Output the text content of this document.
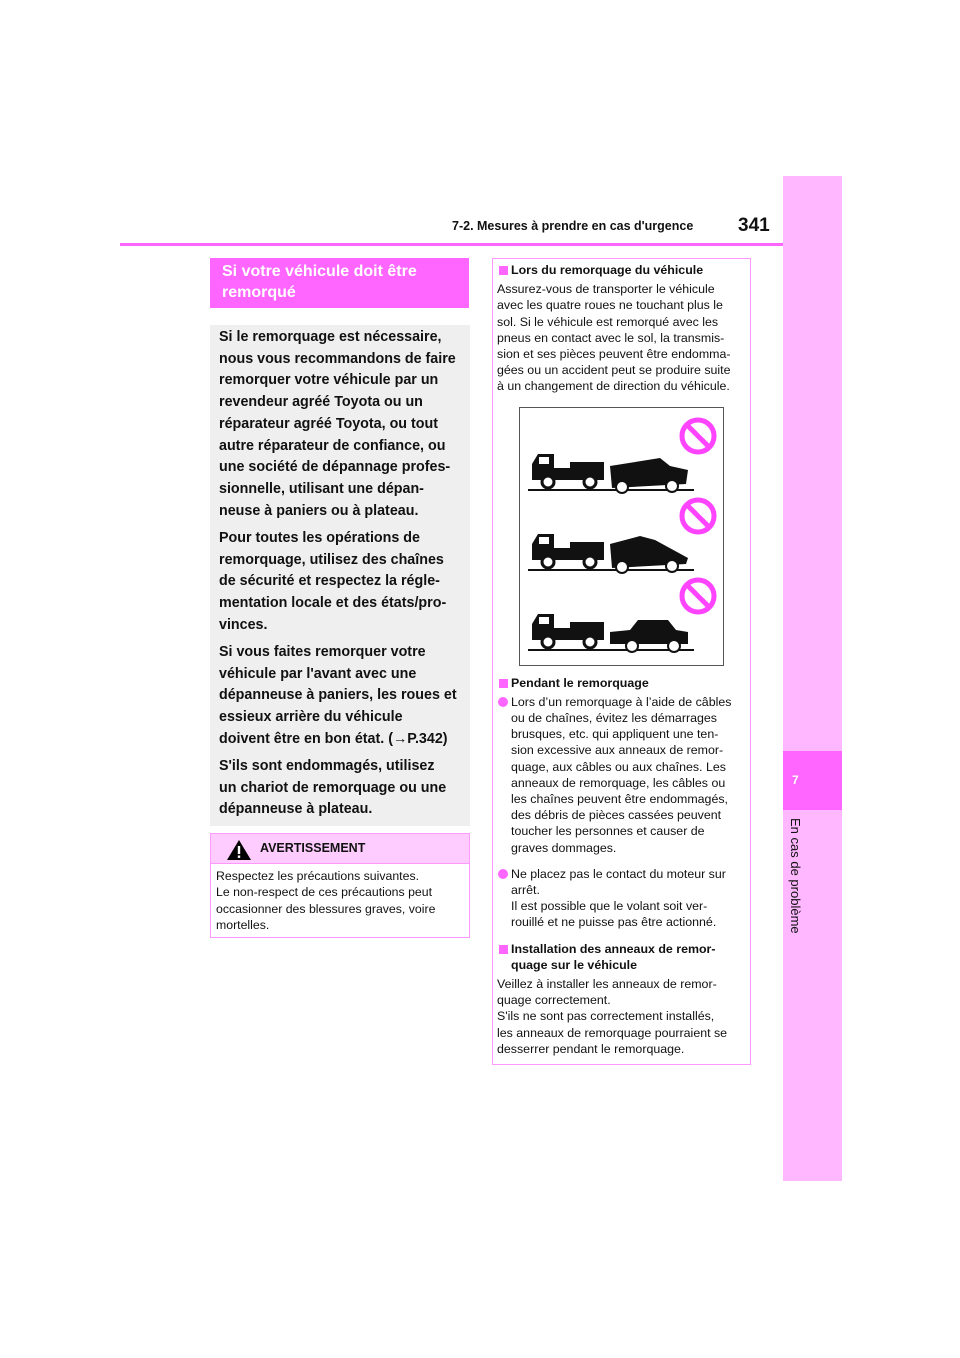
7-2. Mesures à prendre en cas d'urgence 341
7
En cas de problème
Si votre véhicule doit être
remorqué

Si le remorquage est nécessaire,
nous vous recommandons de faire
remorquer votre véhicule par un
revendeur agréé Toyota ou un
réparateur agréé Toyota, ou tout
autre réparateur de confiance, ou
une société de dépannage profes-
sionnelle, utilisant une dépan-
neuse à paniers ou à plateau.

Pour toutes les opérations de
remorquage, utilisez des chaînes
de sécurité et respectez la régle-
mentation locale et des états/pro-
vinces.

Si vous faites remorquer votre
véhicule par l'avant avec une
dépanneuse à paniers, les roues et
essieux arrière du véhicule
doivent être en bon état. (→P.342)

S'ils sont endommagés, utilisez
un chariot de remorquage ou une
dépanneuse à plateau.

AVERTISSEMENT
Respectez les précautions suivantes.
Le non-respect de ces précautions peut
occasionner des blessures graves, voire
mortelles.
Lors du remorquage du véhicule
Assurez-vous de transporter le véhicule
avec les quatre roues ne touchant plus le
sol. Si le véhicule est remorqué avec les
pneus en contact avec le sol, la transmis-
sion et ses pièces peuvent être endomma-
gées ou un accident peut se produire suite
à un changement de direction du véhicule.
Pendant le remorquage
Lors d’un remorquage à l’aide de câbles
ou de chaînes, évitez les démarrages
brusques, etc. qui appliquent une ten-
sion excessive aux anneaux de remor-
quage, aux câbles ou aux chaînes. Les
anneaux de remorquage, les câbles ou
les chaînes peuvent être endommagés,
des débris de pièces cassées peuvent
toucher les personnes et causer de
graves dommages.
Ne placez pas le contact du moteur sur
arrêt.
Il est possible que le volant soit ver-
rouillé et ne puisse pas être actionné.
Installation des anneaux de remor-
quage sur le véhicule
Veillez à installer les anneaux de remor-
quage correctement.
S'ils ne sont pas correctement installés,
les anneaux de remorquage pourraient se
desserrer pendant le remorquage.
